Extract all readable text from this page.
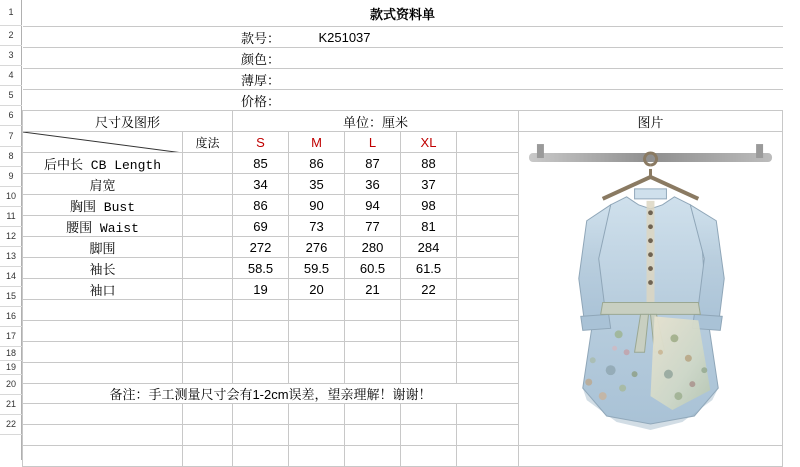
1
2
3
4
5
6
7
8
9
10
11
12
13
14
15
16
17
18
19
20
21
22
款式资料单							
		款号：	K251037				
		颜色：					
		薄厚：					
		价格：					
尺寸及图形		单位：厘米					图片

	度法	S	M	L	XL		

后中长 CB Length		85	86	87	88		
肩宽		34	35	36	37		
胸围 Bust		86	90	94	98		
腰围 Waist		69	73	77	81		
脚围		272	276	280	284		
袖长		58.5	59.5	60.5	61.5		
袖口		19	20	21	22		

备注：手工测量尺寸会有1-2cm误差，望亲理解！谢谢！							
